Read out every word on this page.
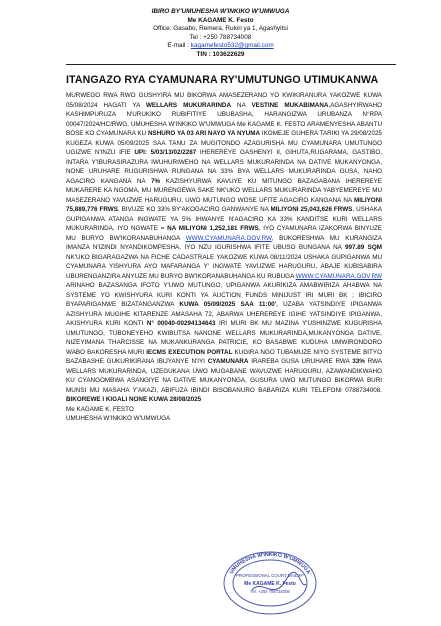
IBIRO BY'UMUHESHA W'INKIKO W'UMWUGA
Me KAGAME K. Festo
Office: Gasabo, Remera, Rukiri ya 1, Agashyitsi
Tel : +250 788734008
E-mail : kagamefesto532@gmail.com
TIN : 103622629
ITANGAZO RYA CYAMUNARA RY'UMUTUNGO UTIMUKANWA
MURWEGO RWA RWO GUSHYIRA MU BIKORWA AMASEZERANO YO KWIKIRANURA YAKOZWE KUWA 05/08/2024 HAGATI YA WELLARS MUKURARINDA NA VESTINE MUKABIMANA,AGASHYIRWAHO KASHIMPURUZA N'URUKIKO RUBIFITIYE UBUBASHA, HARANGIZWA URUBANZA N°RPA 00047/2024/HC/RWG, UMUHESHA W'INKIKO W'UMWUGA Me KAGAME K. FESTO ARAMENYESHA ABANTU BOSE KO CYAMUNARA KU NSHURO YA 03 ARI NAYO YA NYUMA IKOMEJE GUHERA TARIKI YA 29/08/2025 KUGEZA KUWA 05/09/2025 SAA TANU ZA MUGITONDO AZAGURISHA MU CYAMUNARA UMUTUNGO UGIZWE N'INZU IFIE UPI: 5/03/13/02/2287 IHEREREYE GASHENYI II, GIHUTA,RUGARAMA, GASTIBO, INTARA Y'IBURASIRAZURA IWUHURIWEHO NA WELLARS MUKURARINDA NA DATIVE MUKANYONGA, NONE URUHARE RUGURISHWA RUNGANA NA 33% BYA WELLARS MUKURARINDA GUSA, NAHO AGACIRO KANGANA NA 7% KAZISHYURWA KAVUYE KU MITUNGO BAZAGABANA IHEREREYE MUKARERE KA NGOMA, MU MURENGEWA SAKE NK'UKO WELLARS MUKURARINDA YABYEMEREYE MU MASEZERANO YAVUZWE HARUGURU, UWO MUTUNGO WOSE UFITE AGACIRO KANGANA NA MILIYONI 75,889,776 FRWS, BIVUZE KO 33% BY'AKOGACIRO GANWANYE NA MILIYONI 25,043,626 FRWS, USHAKA GUPIGANWA ATANGA INGWATE YA 5% IHWANYE N'AGACIRO KA 33% KANDITSE KURI WELLARS MUKURARINDA, IYO NGWATE = NA MILIYONI 1,252,181 FRWS, IYO CYAMUNARA IZAKORWA BINYUZE MU BURYO BW'IKORANABUHANGA WWW.CYAMUNARA.GOV.RW, BUKORESHWA MU KURANGIZA IMANZA N'IZINDI NYANDIKOMPESHA, IYO NZU IGURISHWA IFITE UBUSO BUNGANA NA 997.89 SQM NK'UKO BIGARAGAZWA NA FICHE CADASTRALE YAKOZWE KUWA 08/11/2024 USHAKA GUPIGANWA MU CYAMUNARA YISHYURA AYO MAFARANGA Y' INGWATE YAVUZWE HARUGURU, ABAJE KUBISABIRA UBURENGANZIRA ANYUZE MU BURYO BW'IKORANABUHANGA KU RUBUGA WWW.CYAMUNARA.GOV.RW ARINAHO BAZASANGA IFOTO Y'UWO MUTUNGO, UPIGANWA AKURIKIZA AMABWIRIZA AHABWA NA SYSTEME YO KWISHYURA KURI KONTI YA AUCTION FUNDS MINIJUST IRI MURI BK ; IBICIRO BYAPARIGANWE BIZATANGANZWA KUWA 05/09/2025 SAA 11:00', UZABA YATSINDIYE IPIGANWA AZISHYURA MUGIHE KITARENZE AMASAHA 72, ABARWA UHEREREYE IGIHE YATSINDIYE IPIGANWA, AKISHYURA KURI KONTI N° 00040-00294134643 IRI MURI BK MU MAZINA Y'USHINZWE KUGURISHA UMUTUNGO, TUBONEYEHO KWIBUTSA NANONE WELLARS MUKURARINDA,MUKANYONGA DATIVE, NIZEYIMANA THARCISSE NA MUKANKURANGA PATRICIE, KO BASABWE KUDUHA UMWIRONDORO WABO BAKORESHA MURI IECMS EXECUTION PORTAL KUGIRA NGO TUBAMUZE NIYO SYSTEME BITYO BAZABASHE GUKURIKIRANA IBIJYANYE N'IYI CYAMUNARA IRAREBA GUSA URUHARE RWA 33% RWA WELLARS MUKURARINDA, UZEGUKANA UWO MUGABANE WAVUZWE HARUGURU, AZAWANDIKWAHO KU CYANGOMBWA ASANGIYE NA DATIVE MUKANYONGA, GUSURA UWO MUTUNGO BIKORWA BURI MUNSI MU MASAHA Y'AKAZI, ABIFUZA IBINDI BISOBANURO BABARIZA KURI TELEFONI 0788734008. BIKOREWE I KIGALI NONE KUWA 28/08/2025
Me KAGAME K. FESTO
UMUHESHA W'INKIKO W'UMWUGA
UMUHESHA W'INKIKO W'UMWUGA
PROFESSIONAL COURT BAILIFF
Me KAGAME K. Festo
Tel: +250 788734008
